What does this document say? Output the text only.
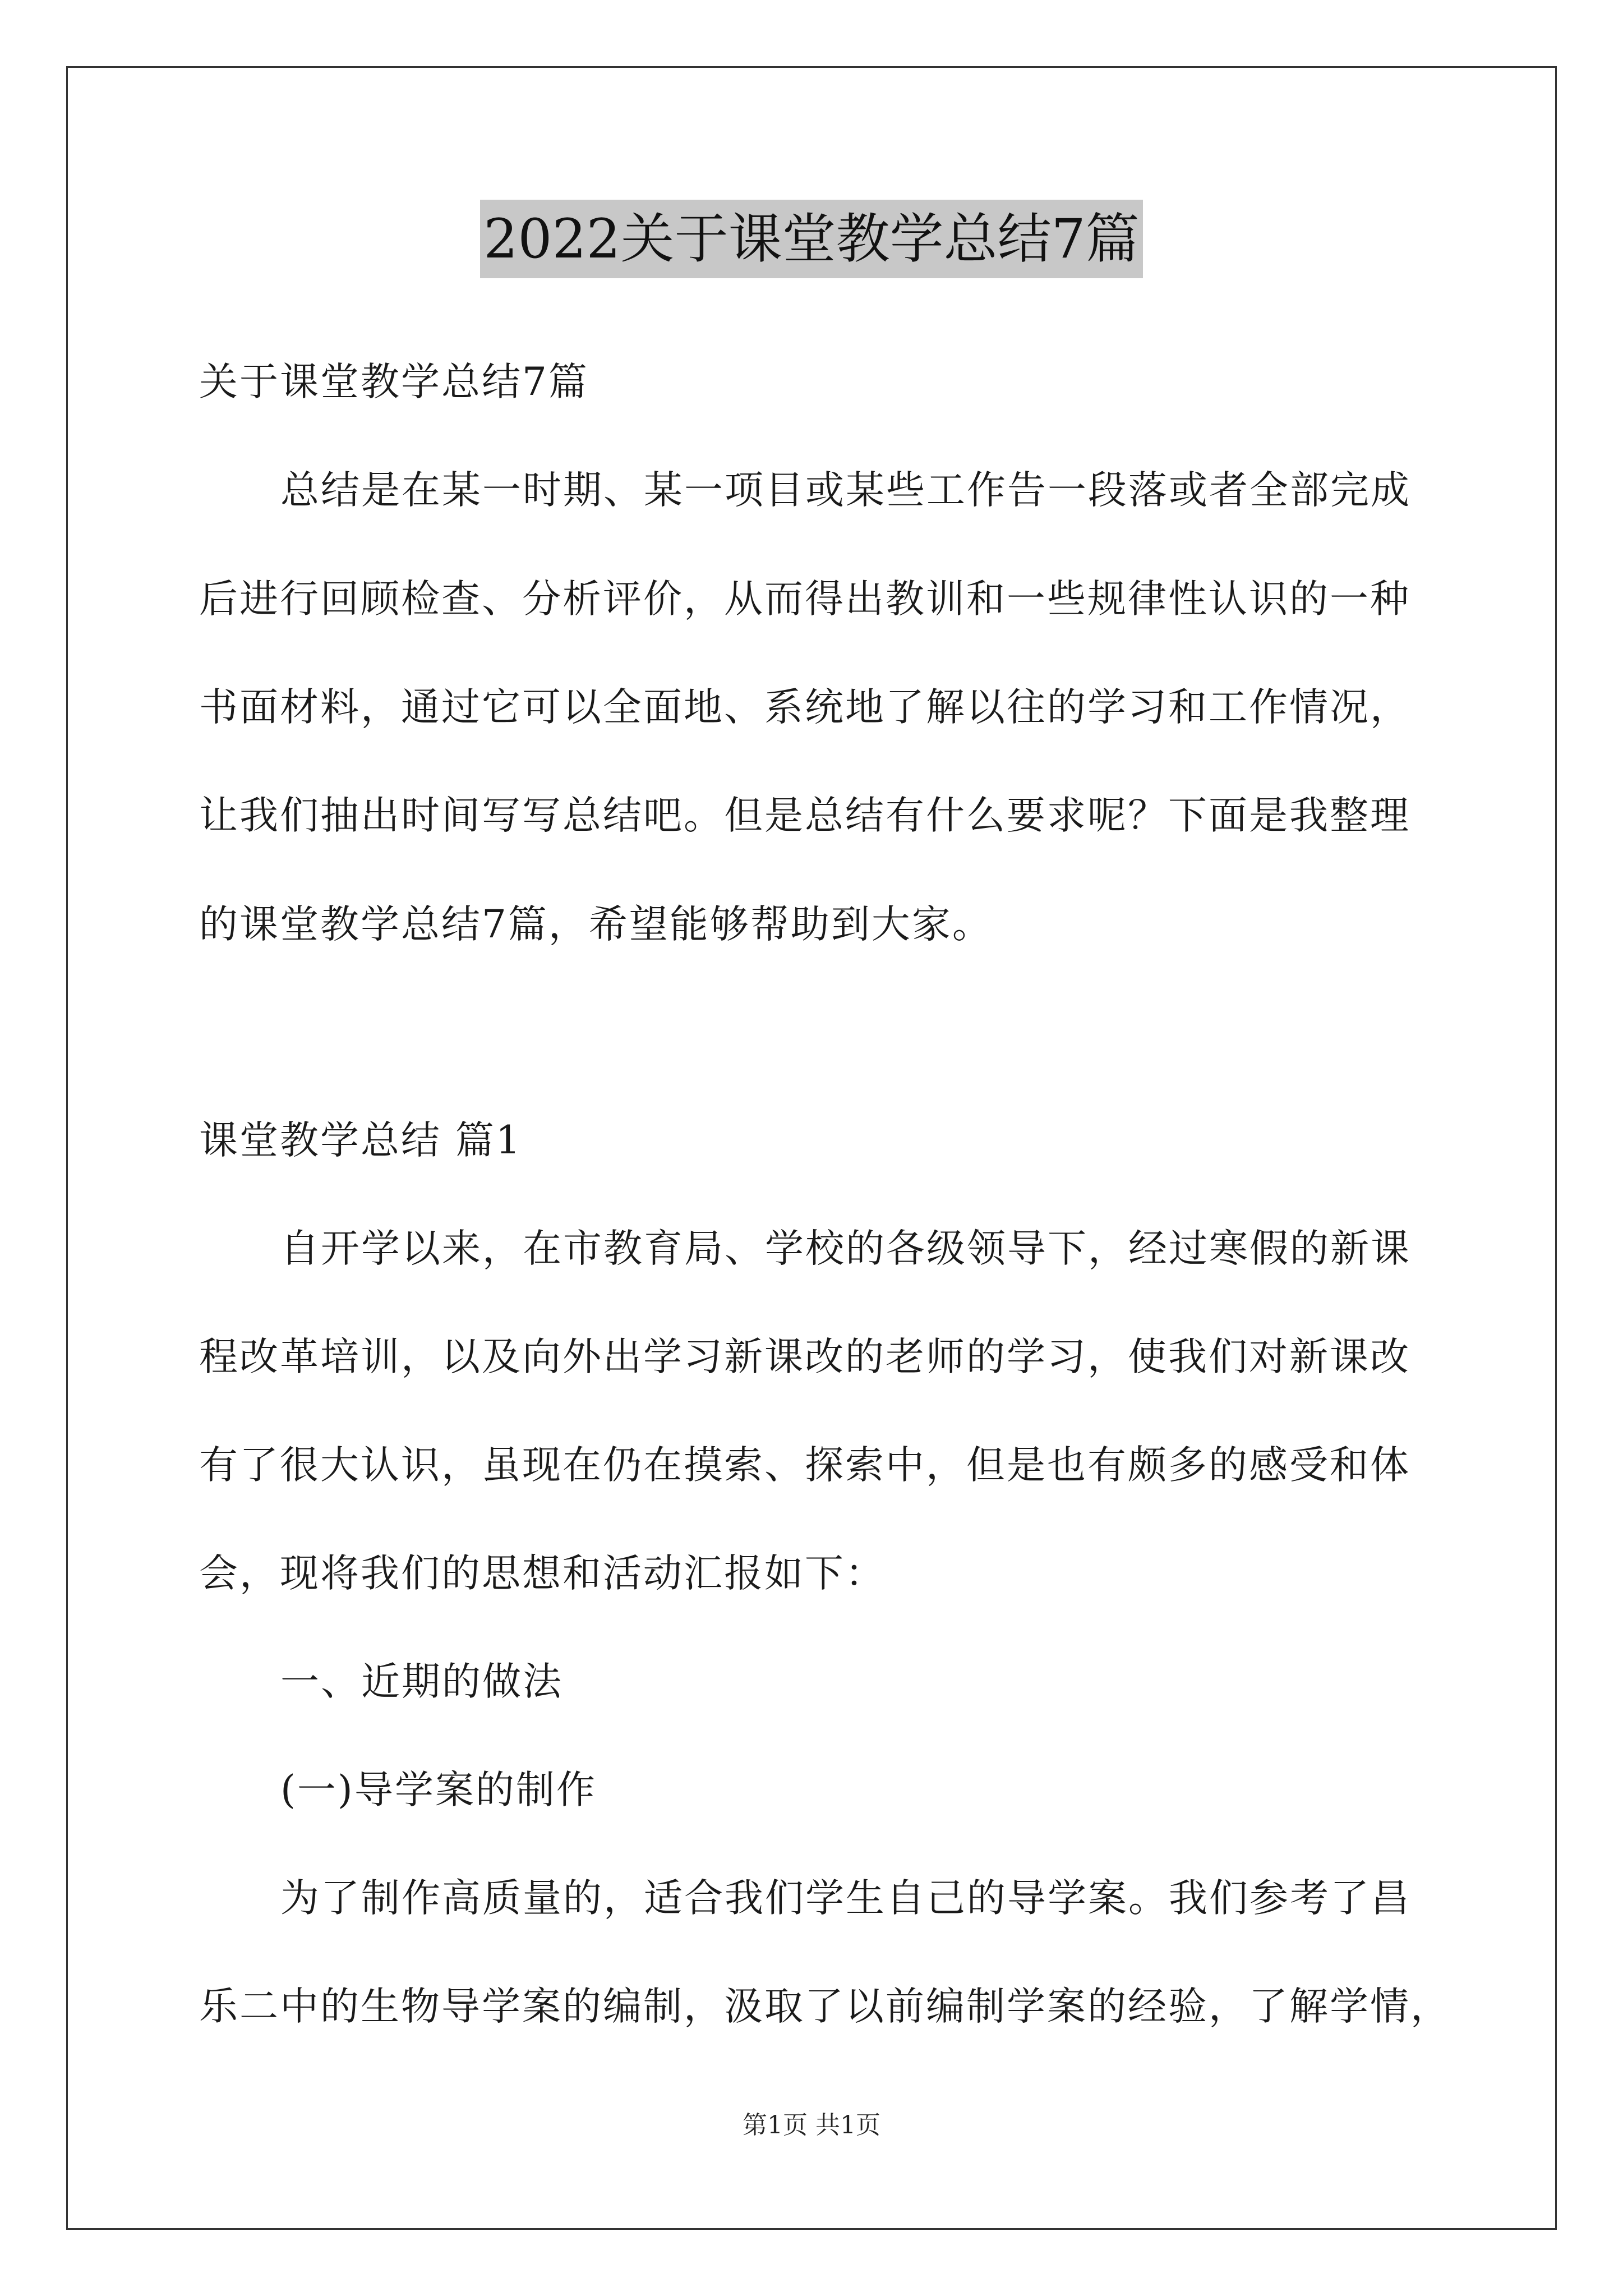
2022关于课堂教学总结7篇
关于课堂教学总结7篇
总结是在某一时期、某一项目或某些工作告一段落或者全部完成
后进行回顾检查、分析评价，从而得出教训和一些规律性认识的一种
书面材料，通过它可以全面地、系统地了解以往的学习和工作情况，
让我们抽出时间写写总结吧。但是总结有什么要求呢？下面是我整理
的课堂教学总结7篇，希望能够帮助到大家。
课堂教学总结 篇1
自开学以来，在市教育局、学校的各级领导下，经过寒假的新课
程改革培训，以及向外出学习新课改的老师的学习，使我们对新课改
有了很大认识，虽现在仍在摸索、探索中，但是也有颇多的感受和体
会，现将我们的思想和活动汇报如下：
一、近期的做法
(一)导学案的制作
为了制作高质量的，适合我们学生自己的导学案。我们参考了昌
乐二中的生物导学案的编制，汲取了以前编制学案的经验，了解学情，
第1页 共1页
